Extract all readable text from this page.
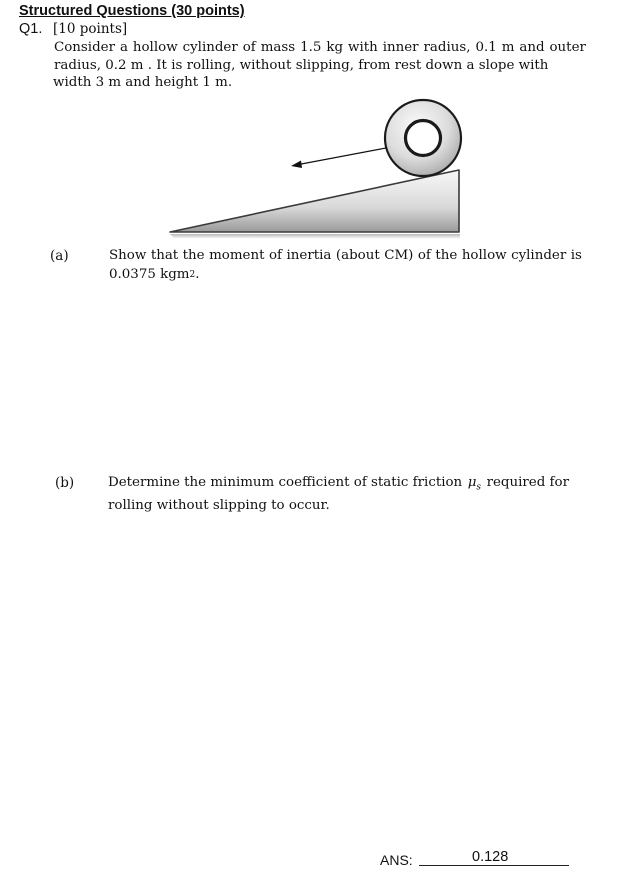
Structured Questions (30 points)
Q1. [10 points]
Consider a hollow cylinder of mass 1.5 kg with inner radius, 0.1 m and outer
radius, 0.2 m . It is rolling, without slipping, from rest down a slope with
width 3 m and height 1 m.
(a)	Show that the moment of inertia (about CM) of the hollow cylinder is
0.0375 kgm 2 .
(b)	Determine the minimum coefficient of static friction $\mu_s$ required for
rolling without slipping to occur.
ANS:	0.128
